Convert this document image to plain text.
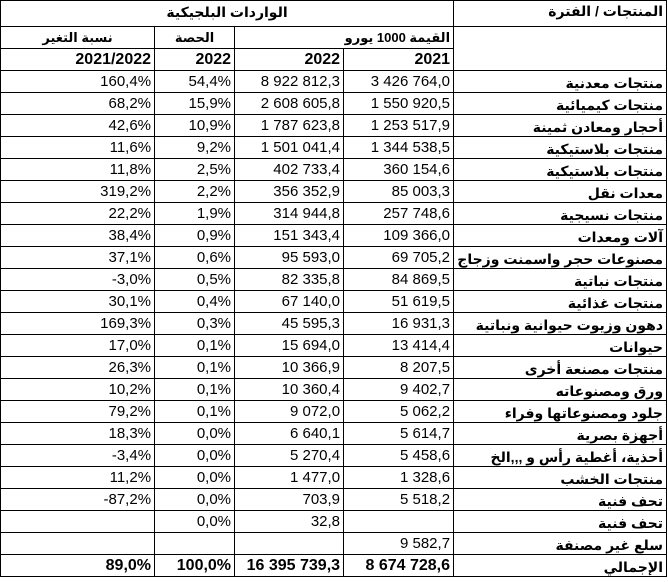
المنتجات / الفترة	الواردات البلجيكية			
	القيمة 1000 يورو		الحصة	نسبة التغير
	2021	2022	2022	2021/2022
منتجات معدنية	3 426 764,0	8 922 812,3	54,4%	160,4%
منتجات كيميائية	1 550 920,5	2 608 605,8	15,9%	68,2%
أحجار ومعادن ثمينة	1 253 517,9	1 787 623,8	10,9%	42,6%
منتجات بلاستيكية	1 344 538,5	1 501 041,4	9,2%	11,6%
منتجات بلاستيكية	360 154,6	402 733,4	2,5%	11,8%
معدات نقل	85 003,3	356 352,9	2,2%	319,2%
منتجات نسيجية	257 748,6	314 944,8	1,9%	22,2%
آلات ومعدات	109 366,0	151 343,4	0,9%	38,4%
مصنوعات حجر واسمنت وزجاج	69 705,2	95 593,0	0,6%	37,1%
منتجات نباتية	84 869,5	82 335,8	0,5%	-3,0%
منتجات غذائية	51 619,5	67 140,0	0,4%	30,1%
دهون وزيوت حيوانية ونباتية	16 931,3	45 595,3	0,3%	169,3%
حيوانات	13 414,4	15 694,0	0,1%	17,0%
منتجات مصنعة أخرى	8 207,5	10 366,9	0,1%	26,3%
ورق ومصنوعاته	9 402,7	10 360,4	0,1%	10,2%
جلود ومصنوعاتها وفراء	5 062,2	9 072,0	0,1%	79,2%
أجهزة بصرية	5 614,7	6 640,1	0,0%	18,3%
أحذية، أغطية رأس و ,,,الخ	5 458,6	5 270,4	0,0%	-3,4%
منتجات الخشب	1 328,6	1 477,0	0,0%	11,2%
تحف فنية	5 518,2	703,9	0,0%	-87,2%
تحف فنية		32,8	0,0%	
سلع غير مصنفة	9 582,7			
الإجمالي	8 674 728,6	16 395 739,3	100,0%	89,0%
